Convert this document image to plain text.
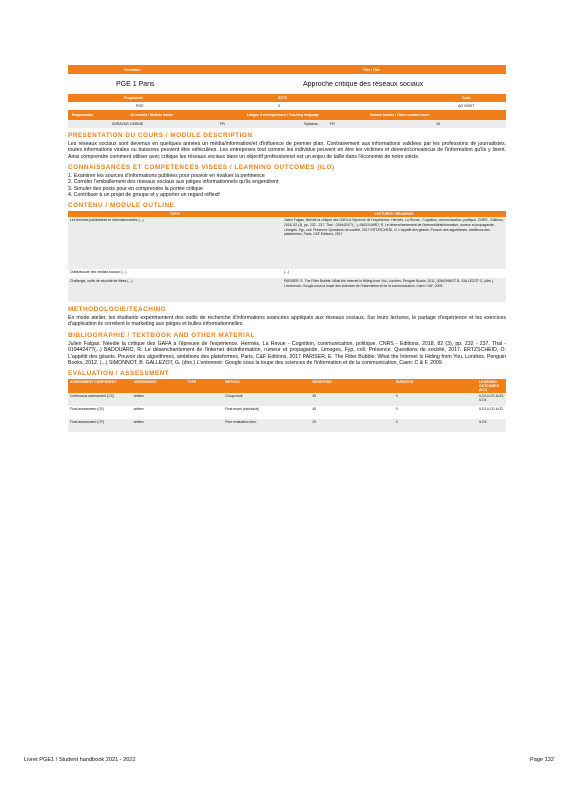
Formation	Titre / Title
PGE 1 Paris	Approche critique des réseaux sociaux
Programme	ECTS	Code
PGE	3	AO 0000T
Responsable	de module / Module leader	Langue d'enseignement / Teaching language	Volume horaire / Class contact hours
IDIRAYAG CARINE	FR	Syllabus:	FR	16
PRESENTATION DU COURS / MODULE DESCRIPTION
Les réseaux sociaux sont devenus en quelques années un média/information/et d'influence de premier plan. Contrairement aux informations validées par les professions de journalistes, toutes informations virales ou buissons peuvent être véhiculées. Les entreprises tout comme les individus peuvent en être les victimes et devenir/convaincus de l'information qu'ils y lisent. Ainsi comprendre comment utiliser avec critique les réseaux sociaux dans un objectif professionnel est un enjeu de taille dans l'économie de notre siècle.
CONNAISSANCES ET COMPETENCES VISEES / LEARNING OUTCOMES (ILO)
1. Examiner les sources d'informations publiées pour pouvoir en évaluer la pertinence
2. Corréler l'emballement des réseaux sociaux aux pièges informationnels qu'ils engendrent
3. Simuler des posts pour en comprendre la portée critique
4. Contribuer à un projet de groupe et y apporter un regard réflexif
CONTENU / MODULE OUTLINE
TOPIC	LECTURES / READINGS
Les théories publicitaires et informationnelles (...)	Julien Falgas, Néedie la critique des GAFA à l'épreuve de l'expérience. Hermès, La Revue - Cognition, communication, politique, CNRS - Editions, 2018, 82 (3), pp. 232 - 237. Thal - 01944247?(...), BADOUARD, R. Le désenchantement de l'internet/désinformation, rumeur et propagande, Limoges, Fyp, coll. Présence Questions de société, 2017 ERTZSCHEID, O. L'appétit des géants. Pouvoir des algorithmes, ambitions des plateformes, Paris, C&F Éditions, 2017
Outils/écoute des médias sociaux (...)	(...)
Challenge, outils de sécurité de filtres (...)	PARISER, E. The Filter Bubble: What the Internet Is Hiding from You, Londres, Penguin Books, 2011, (SIMONNOT B, GALLEZOT G. (dirs.) L'entonnoir: Google sous la loupe des sciences de l'information et de la communication, Caen: C&F, 2009.
METHODOLOGIE/TEACHING
En mode atelier, les étudiants expérimentent des outils de recherche d'informations avancées appliqués aux réseaux sociaux. Sur leurs lectures, le partage d'expérience et les exercices d'application ils corrèlent le marketing aux pièges et bulles informationnelles.
BIBLIOGRAPHIE / TEXTBOOK AND OTHER MATERIAL
Julien Falgas. Néedie la critique des GAFA à l'épreuve de l'expérience. Hermès, La Revue - Cognition, communication, politique, CNRS - Editions, 2018, 82 (3), pp. 232 - 237. Thal - 01944247?(...) BADOUARD, R. Le désenchantement de l'internet désinformation, rumeur et propagande, Limoges, Fyp, coll. Présence. Questions de société, 2017. ERTZSCHEID, O. L'appétit des géants. Pouvoir des algorithmes, ambitions des plateformes, Paris, C&F Editions, 2017 PARISER, E. The Filter Bubble: What the Internet Is Hiding from You, Londres, Penguin Books, 2012. (...) SIMONNOT, B. GALLEZOT, G. (dirs.) L'entonnoir: Google sous la loupe des sciences de l'information et de la communication, Caen: C & F, 2009.
EVALUATION / ASSESSMENT
ASSESSMENT COMPONENT	ASSESSMENT	TYPE	METHOD	WEIGHTING	DURATION	LEARNING OUTCOMES (ILO)
Continuous assessment (CC)	written		Group work	40	0	ILO1,ILO2,ILO3, ILO4
Final assessment (CF)	written		Final exam (individual)	40	0	ILO1,ILO2,ILO3
Final assessment (CF)	written		Peer evaluation form	20	0	ILO4
Livret PGE1 / Student handbook 2021 - 2022	Page 132
